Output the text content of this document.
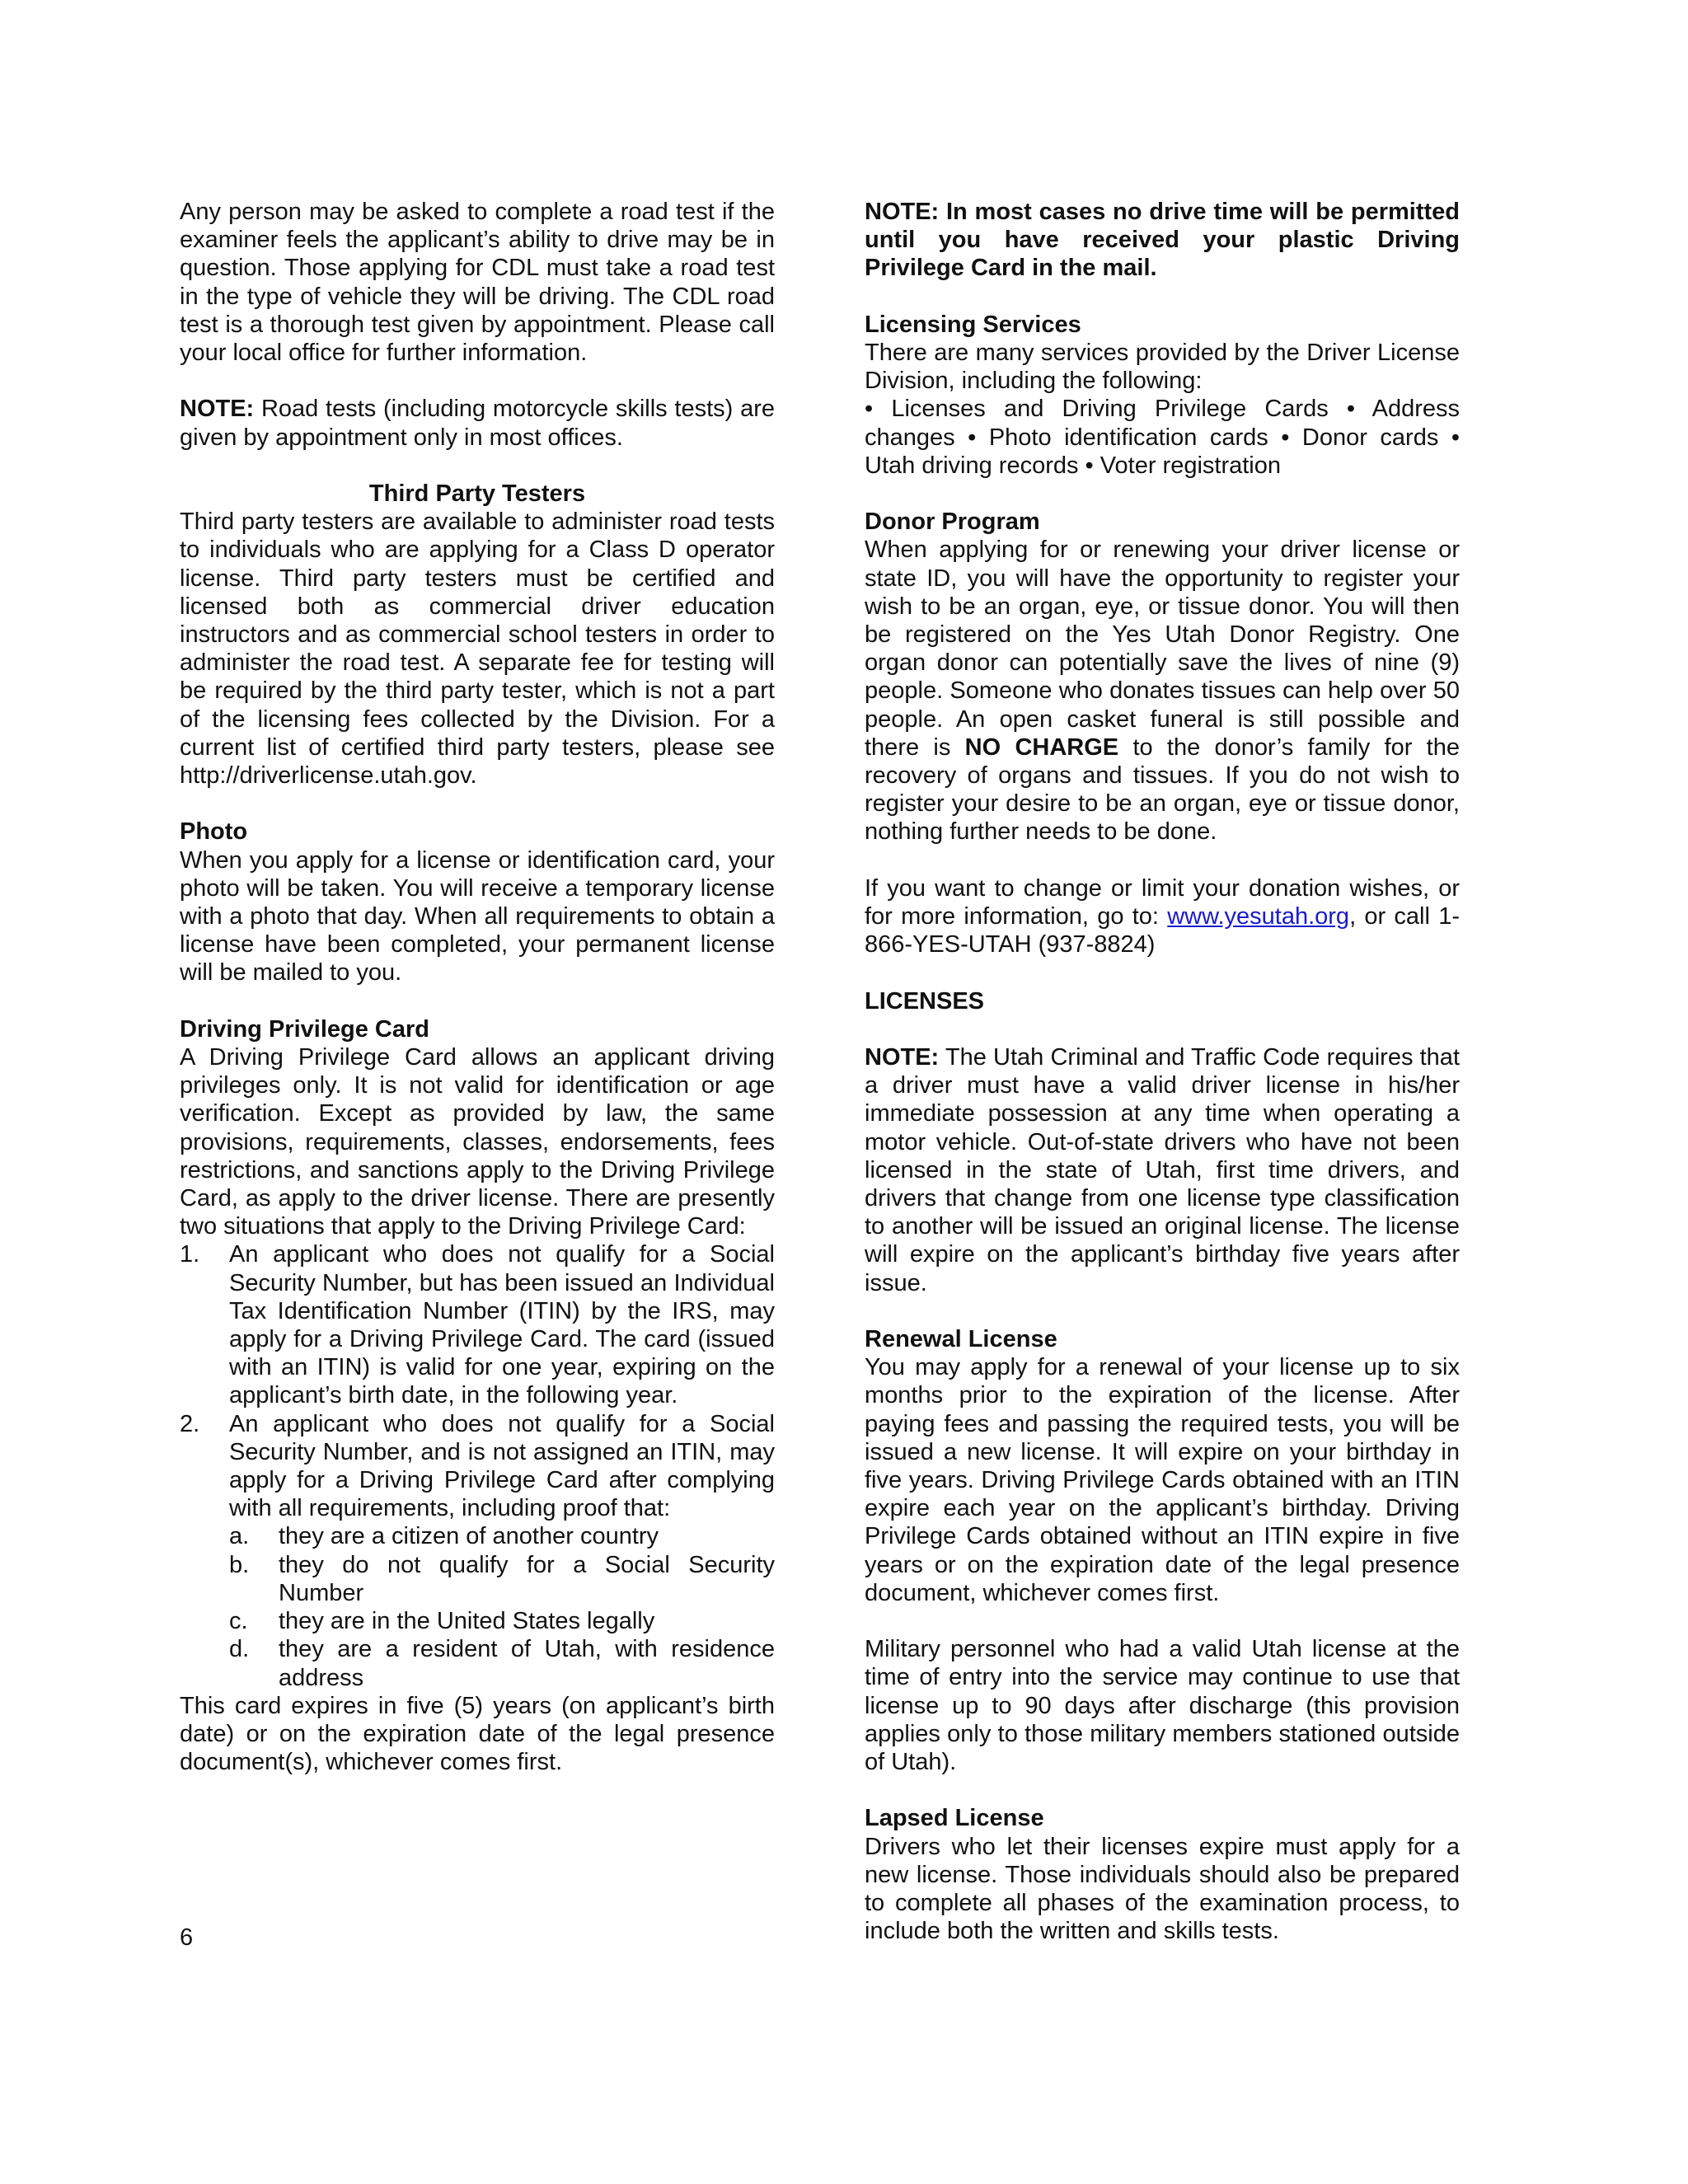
Any person may be asked to complete a road test if the examiner feels the applicant’s ability to drive may be in question. Those applying for CDL must take a road test in the type of vehicle they will be driving. The CDL road test is a thorough test given by appointment. Please call your local office for further information.

NOTE: Road tests (including motorcycle skills tests) are given by appointment only in most offices.

Third Party Testers

Third party testers are available to administer road tests to individuals who are applying for a Class D operator license. Third party testers must be certified and licensed both as commercial driver education instructors and as commercial school testers in order to administer the road test. A separate fee for testing will be required by the third party tester, which is not a part of the licensing fees collected by the Division. For a current list of certified third party testers, please see http://driverlicense.utah.gov.

Photo

When you apply for a license or identification card, your photo will be taken. You will receive a temporary license with a photo that day. When all requirements to obtain a license have been completed, your permanent license will be mailed to you.

Driving Privilege Card

A Driving Privilege Card allows an applicant driving privileges only. It is not valid for identification or age verification. Except as provided by law, the same provisions, requirements, classes, endorsements, fees restrictions, and sanctions apply to the Driving Privilege Card, as apply to the driver license. There are presently two situations that apply to the Driving Privilege Card:

1. An applicant who does not qualify for a Social Security Number, but has been issued an Individual Tax Identification Number (ITIN) by the IRS, may apply for a Driving Privilege Card. The card (issued with an ITIN) is valid for one year, expiring on the applicant’s birth date, in the following year.
2. An applicant who does not qualify for a Social Security Number, and is not assigned an ITIN, may apply for a Driving Privilege Card after complying with all requirements, including proof that:
a. they are a citizen of another country
b. they do not qualify for a Social Security Number
c. they are in the United States legally
d. they are a resident of Utah, with residence address

This card expires in five (5) years (on applicant’s birth date) or on the expiration date of the legal presence document(s), whichever comes first.

6

NOTE: In most cases no drive time will be permitted until you have received your plastic Driving Privilege Card in the mail.

Licensing Services

There are many services provided by the Driver License Division, including the following:

• Licenses and Driving Privilege Cards • Address changes • Photo identification cards • Donor cards • Utah driving records • Voter registration

Donor Program

When applying for or renewing your driver license or state ID, you will have the opportunity to register your wish to be an organ, eye, or tissue donor. You will then be registered on the Yes Utah Donor Registry. One organ donor can potentially save the lives of nine (9) people. Someone who donates tissues can help over 50 people. An open casket funeral is still possible and there is NO CHARGE to the donor’s family for the recovery of organs and tissues. If you do not wish to register your desire to be an organ, eye or tissue donor, nothing further needs to be done.

If you want to change or limit your donation wishes, or for more information, go to: www.yesutah.org, or call 1-866-YES-UTAH (937-8824)

LICENSES

NOTE: The Utah Criminal and Traffic Code requires that a driver must have a valid driver license in his/her immediate possession at any time when operating a motor vehicle. Out-of-state drivers who have not been licensed in the state of Utah, first time drivers, and drivers that change from one license type classification to another will be issued an original license. The license will expire on the applicant’s birthday five years after issue.

Renewal License

You may apply for a renewal of your license up to six months prior to the expiration of the license. After paying fees and passing the required tests, you will be issued a new license. It will expire on your birthday in five years. Driving Privilege Cards obtained with an ITIN expire each year on the applicant’s birthday. Driving Privilege Cards obtained without an ITIN expire in five years or on the expiration date of the legal presence document, whichever comes first.

Military personnel who had a valid Utah license at the time of entry into the service may continue to use that license up to 90 days after discharge (this provision applies only to those military members stationed outside of Utah).

Lapsed License

Drivers who let their licenses expire must apply for a new license. Those individuals should also be prepared to complete all phases of the examination process, to include both the written and skills tests.
